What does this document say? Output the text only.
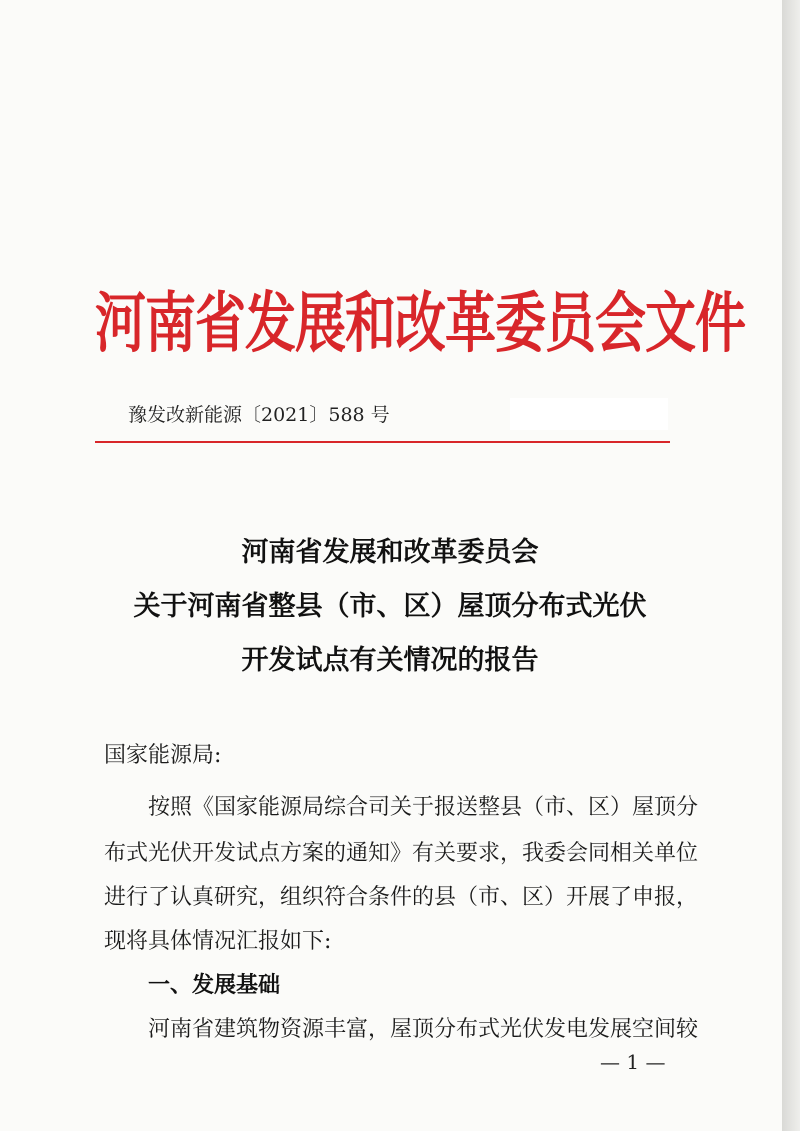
河南省发展和改革委员会文件
豫发改新能源〔2021〕588 号
河南省发展和改革委员会
关于河南省整县（市、区）屋顶分布式光伏
开发试点有关情况的报告
国家能源局:
按照《国家能源局综合司关于报送整县（市、区）屋顶分
布式光伏开发试点方案的通知》有关要求，我委会同相关单位
进行了认真研究，组织符合条件的县（市、区）开展了申报，
现将具体情况汇报如下:
一、发展基础
河南省建筑物资源丰富，屋顶分布式光伏发电发展空间较
— 1 —
